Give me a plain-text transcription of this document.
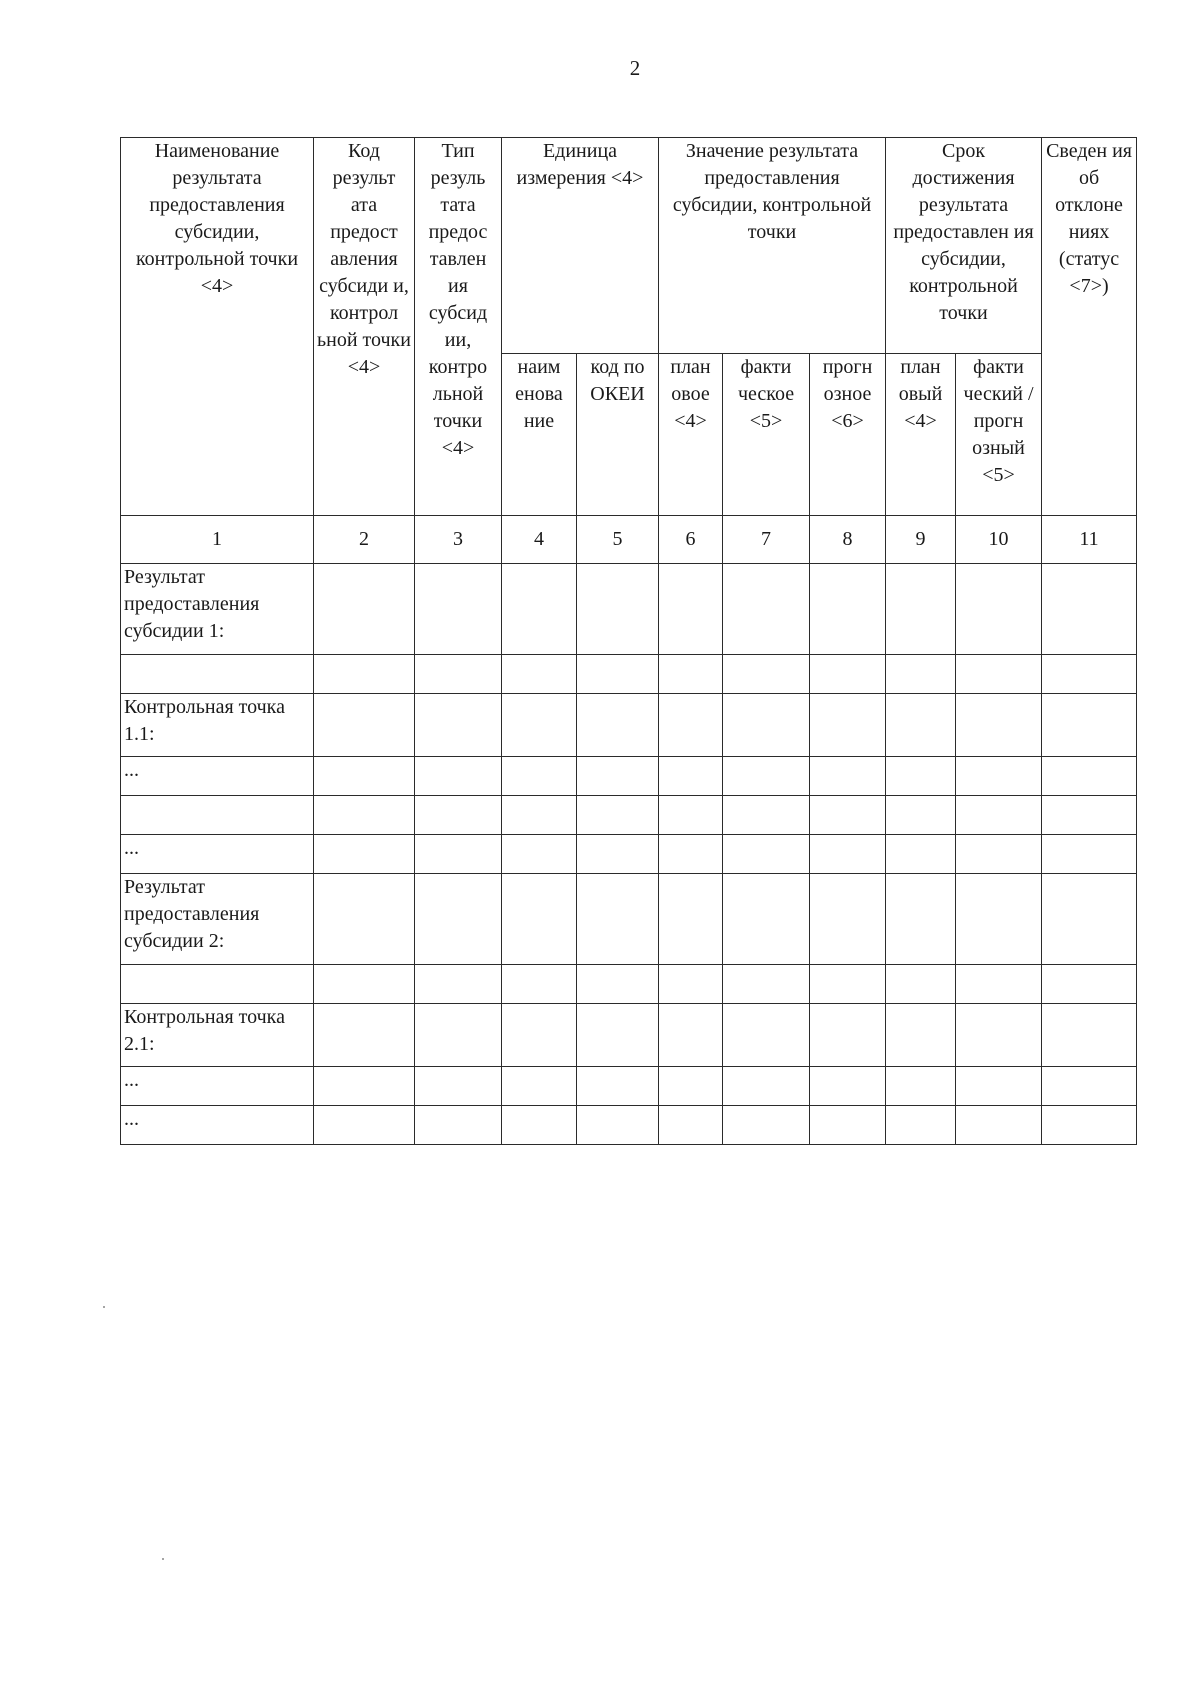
2
Наименование результата предоставления субсидии, контрольной точки <4>	Код результ ата предост авления субсиди и, контрол ьной точки <4>	Тип резуль тата предос тавлен ия субсид ии, контро льной точки <4>	Единица измерения <4>		Значение результата предоставления субсидии, контрольной точки			Срок достижения результата предоставлен ия субсидии, контрольной точки		Сведен ия об отклоне ниях (статус <7>)
			наим енова ние	код по ОКЕИ	план овое <4>	факти ческое <5>	прогн озное <6>	план овый <4>	факти ческий /прогн озный <5>	
1	2	3	4	5	6	7	8	9	10	11
Результат предоставления субсидии 1:										

Контрольная точка 1.1:										
...										

...										
Результат предоставления субсидии 2:										

Контрольная точка 2.1:										
...										
...										
